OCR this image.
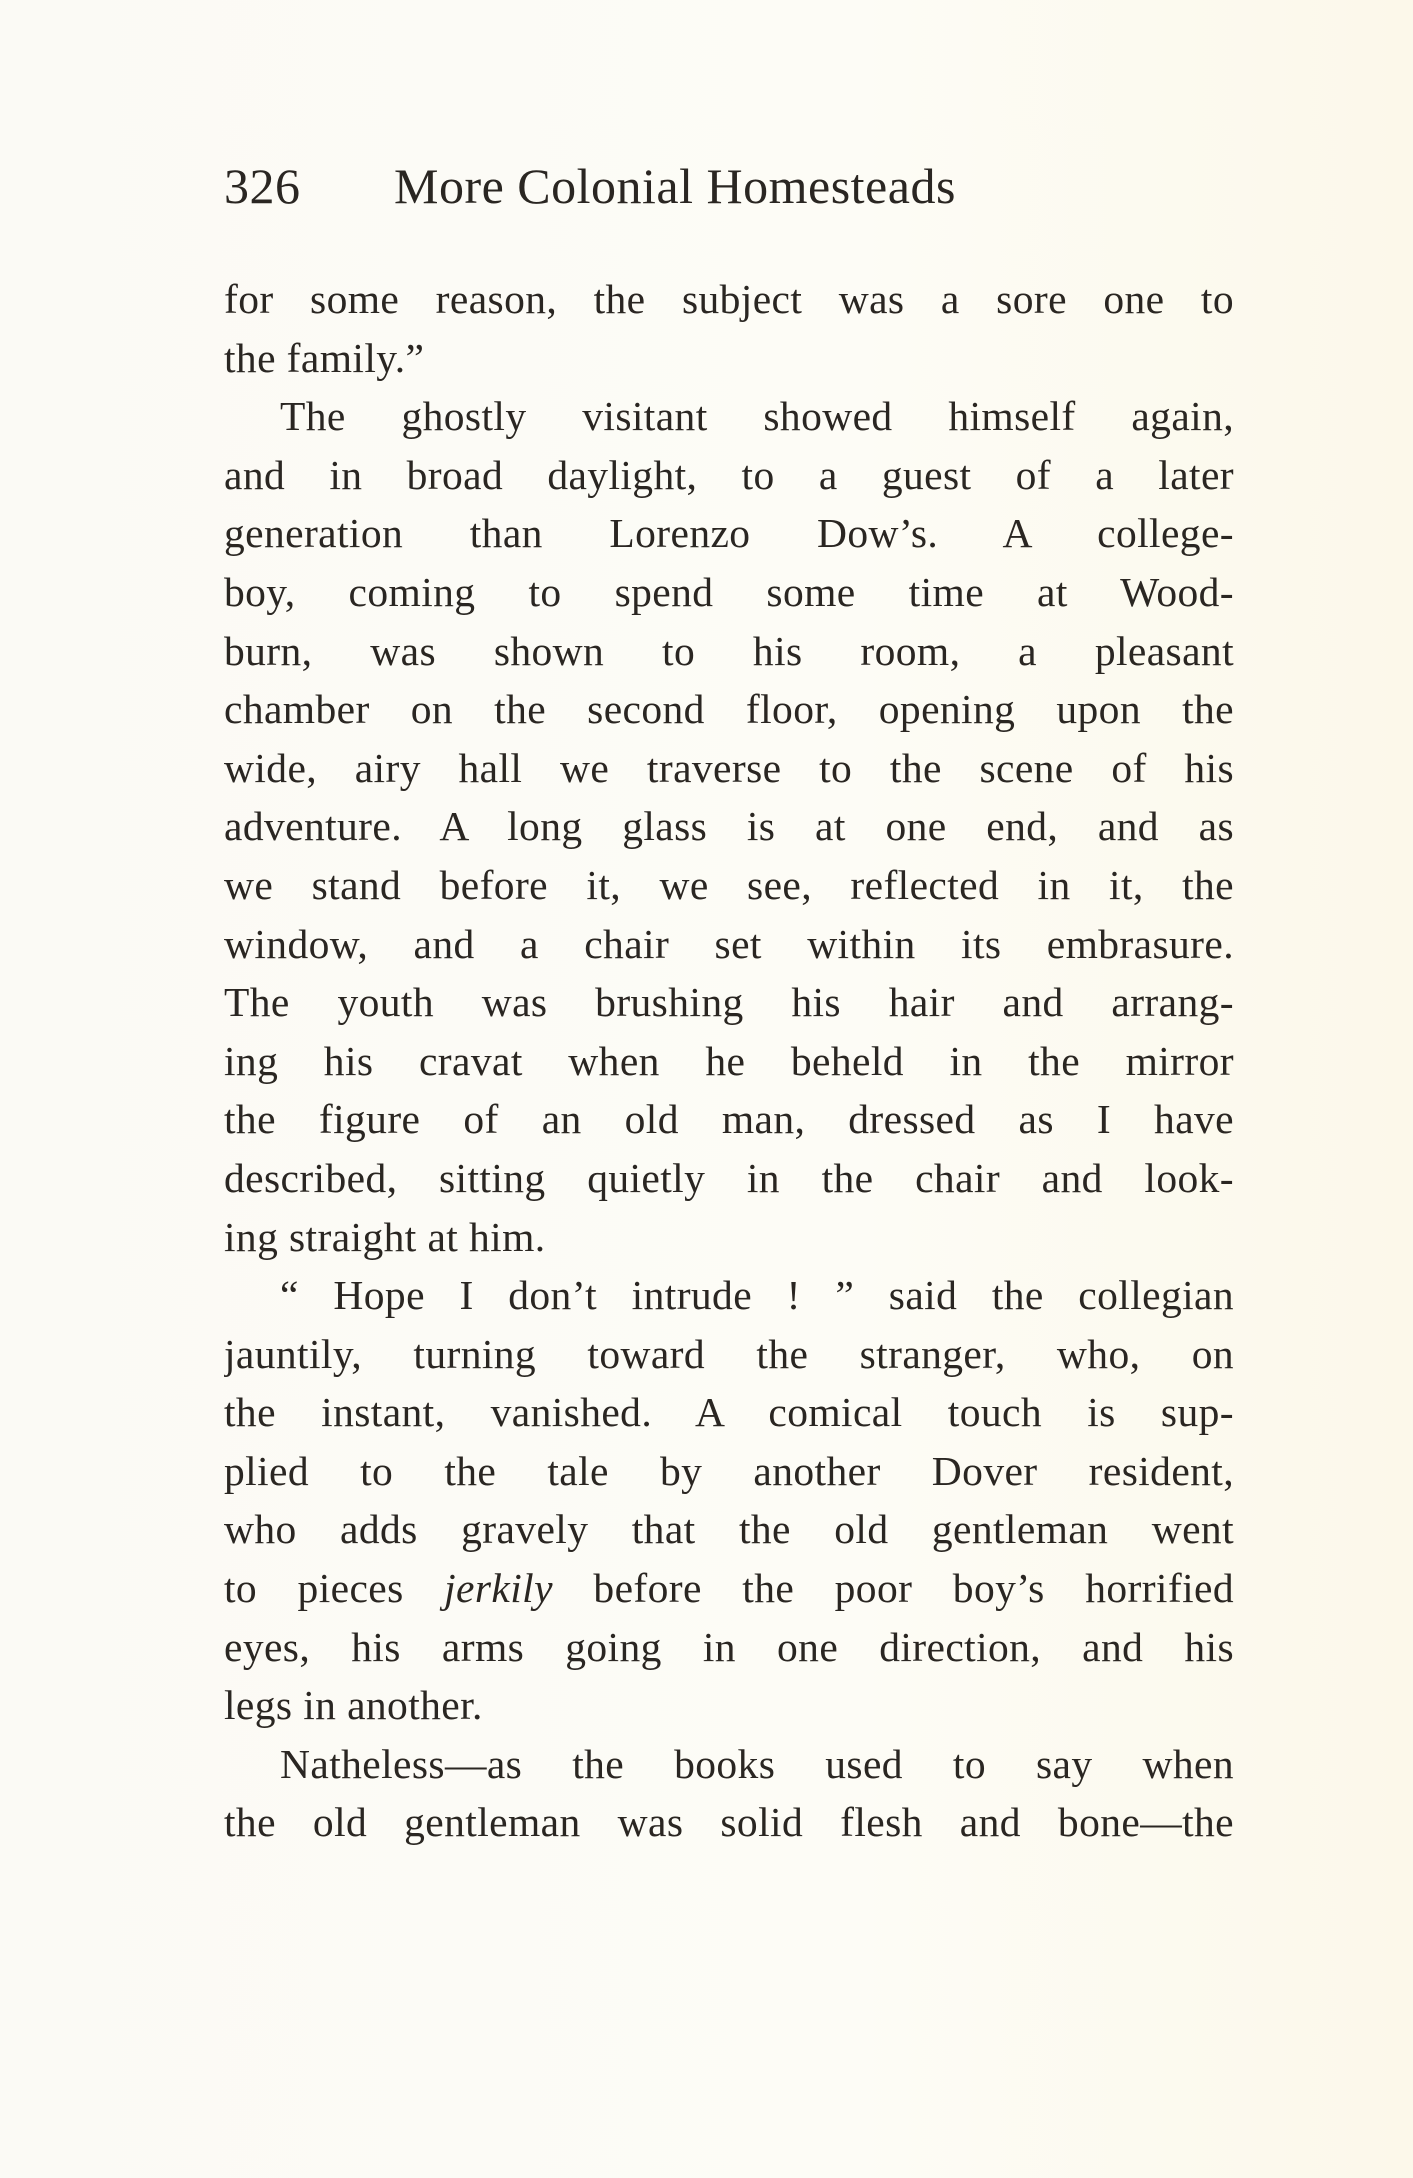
326	More Colonial Homesteads
for some reason, the subject was a sore one to
the family.”
The ghostly visitant showed himself again,
and in broad daylight, to a guest of a later
generation than Lorenzo Dow’s. A college-
boy, coming to spend some time at Wood-
burn, was shown to his room, a pleasant
chamber on the second floor, opening upon the
wide, airy hall we traverse to the scene of his
adventure. A long glass is at one end, and as
we stand before it, we see, reflected in it, the
window, and a chair set within its embrasure.
The youth was brushing his hair and arrang-
ing his cravat when he beheld in the mirror
the figure of an old man, dressed as I have
described, sitting quietly in the chair and look-
ing straight at him.
“ Hope I don’t intrude ! ” said the collegian
jauntily, turning toward the stranger, who, on
the instant, vanished. A comical touch is sup-
plied to the tale by another Dover resident,
who adds gravely that the old gentleman went
to pieces jerkily before the poor boy’s horrified
eyes, his arms going in one direction, and his
legs in another.
Natheless—as the books used to say when
the old gentleman was solid flesh and bone—the
